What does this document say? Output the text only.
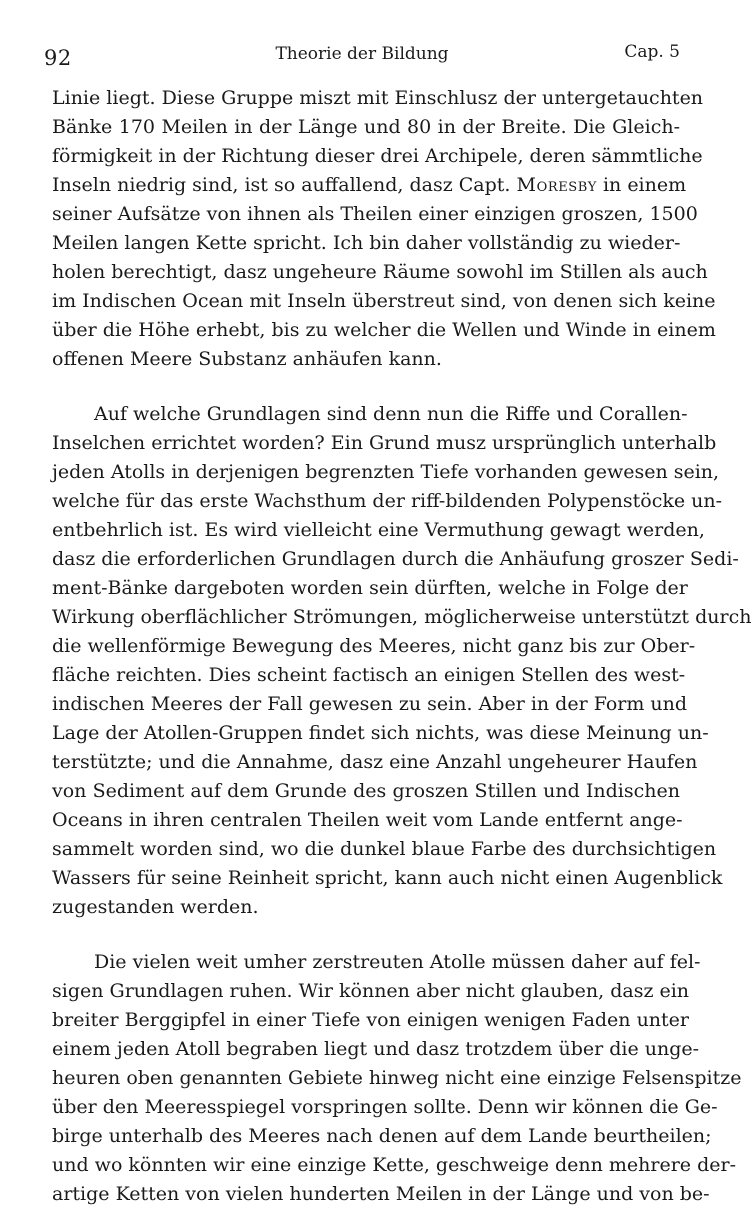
92	Theorie der Bildung	Cap. 5
Linie liegt. Diese Gruppe miszt mit Einschlusz der untergetauchten
Bänke 170 Meilen in der Länge und 80 in der Breite. Die Gleich-
förmigkeit in der Richtung dieser drei Archipele, deren sämmtliche
Inseln niedrig sind, ist so auffallend, dasz Capt. Moresby in einem
seiner Aufsätze von ihnen als Theilen einer einzigen groszen, 1500
Meilen langen Kette spricht. Ich bin daher vollständig zu wieder-
holen berechtigt, dasz ungeheure Räume sowohl im Stillen als auch
im Indischen Ocean mit Inseln überstreut sind, von denen sich keine
über die Höhe erhebt, bis zu welcher die Wellen und Winde in einem
offenen Meere Substanz anhäufen kann.
Auf welche Grundlagen sind denn nun die Riffe und Corallen-
Inselchen errichtet worden? Ein Grund musz ursprünglich unterhalb
jeden Atolls in derjenigen begrenzten Tiefe vorhanden gewesen sein,
welche für das erste Wachsthum der riff-bildenden Polypenstöcke un-
entbehrlich ist. Es wird vielleicht eine Vermuthung gewagt werden,
dasz die erforderlichen Grundlagen durch die Anhäufung groszer Sedi-
ment-Bänke dargeboten worden sein dürften, welche in Folge der
Wirkung oberflächlicher Strömungen, möglicherweise unterstützt durch
die wellenförmige Bewegung des Meeres, nicht ganz bis zur Ober-
fläche reichten. Dies scheint factisch an einigen Stellen des west-
indischen Meeres der Fall gewesen zu sein. Aber in der Form und
Lage der Atollen-Gruppen findet sich nichts, was diese Meinung un-
terstützte; und die Annahme, dasz eine Anzahl ungeheurer Haufen
von Sediment auf dem Grunde des groszen Stillen und Indischen
Oceans in ihren centralen Theilen weit vom Lande entfernt ange-
sammelt worden sind, wo die dunkel blaue Farbe des durchsichtigen
Wassers für seine Reinheit spricht, kann auch nicht einen Augenblick
zugestanden werden.
Die vielen weit umher zerstreuten Atolle müssen daher auf fel-
sigen Grundlagen ruhen. Wir können aber nicht glauben, dasz ein
breiter Berggipfel in einer Tiefe von einigen wenigen Faden unter
einem jeden Atoll begraben liegt und dasz trotzdem über die unge-
heuren oben genannten Gebiete hinweg nicht eine einzige Felsenspitze
über den Meeresspiegel vorspringen sollte. Denn wir können die Ge-
birge unterhalb des Meeres nach denen auf dem Lande beurtheilen;
und wo könnten wir eine einzige Kette, geschweige denn mehrere der-
artige Ketten von vielen hunderten Meilen in der Länge und von be-
